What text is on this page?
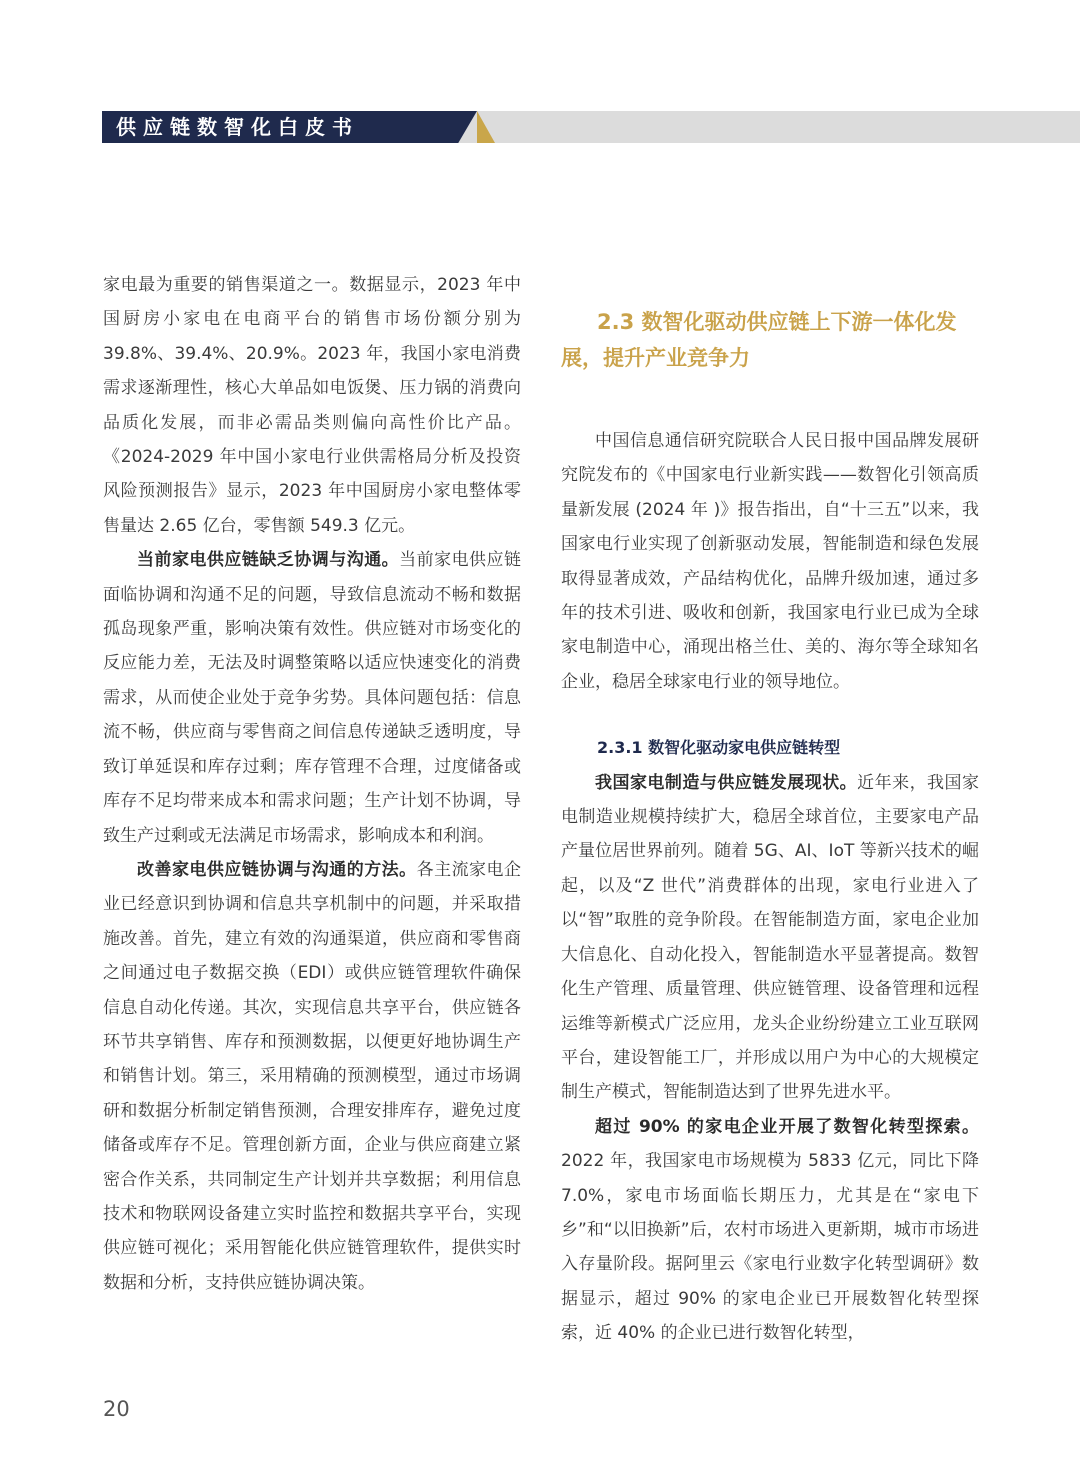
供应链数智化白皮书

家电最为重要的销售渠道之一。数据显示，2023 年中国厨房小家电在电商平台的销售市场份额分别为 39.8%、39.4%、20.9%。2023 年，我国小家电消费需求逐渐理性，核心大单品如电饭煲、压力锅的消费向品质化发展，而非必需品类则偏向高性价比产品。《2024-2029 年中国小家电行业供需格局分析及投资风险预测报告》显示，2023 年中国厨房小家电整体零售量达 2.65 亿台，零售额 549.3 亿元。

当前家电供应链缺乏协调与沟通。当前家电供应链面临协调和沟通不足的问题，导致信息流动不畅和数据孤岛现象严重，影响决策有效性。供应链对市场变化的反应能力差，无法及时调整策略以适应快速变化的消费需求，从而使企业处于竞争劣势。具体问题包括：信息流不畅，供应商与零售商之间信息传递缺乏透明度，导致订单延误和库存过剩；库存管理不合理，过度储备或库存不足均带来成本和需求问题；生产计划不协调，导致生产过剩或无法满足市场需求，影响成本和利润。

改善家电供应链协调与沟通的方法。各主流家电企业已经意识到协调和信息共享机制中的问题，并采取措施改善。首先，建立有效的沟通渠道，供应商和零售商之间通过电子数据交换（EDI）或供应链管理软件确保信息自动化传递。其次，实现信息共享平台，供应链各环节共享销售、库存和预测数据，以便更好地协调生产和销售计划。第三，采用精确的预测模型，通过市场调研和数据分析制定销售预测，合理安排库存，避免过度储备或库存不足。管理创新方面，企业与供应商建立紧密合作关系，共同制定生产计划并共享数据；利用信息技术和物联网设备建立实时监控和数据共享平台，实现供应链可视化；采用智能化供应链管理软件，提供实时数据和分析，支持供应链协调决策。

2.3 数智化驱动供应链上下游一体化发
展，提升产业竞争力

中国信息通信研究院联合人民日报中国品牌发展研究院发布的《中国家电行业新实践——数智化引领高质量新发展 (2024 年 )》报告指出，自“十三五”以来，我国家电行业实现了创新驱动发展，智能制造和绿色发展取得显著成效，产品结构优化，品牌升级加速，通过多年的技术引进、吸收和创新，我国家电行业已成为全球家电制造中心，涌现出格兰仕、美的、海尔等全球知名企业，稳居全球家电行业的领导地位。

2.3.1 数智化驱动家电供应链转型

我国家电制造与供应链发展现状。近年来，我国家电制造业规模持续扩大，稳居全球首位，主要家电产品产量位居世界前列。随着 5G、AI、IoT 等新兴技术的崛起，以及“Z 世代”消费群体的出现，家电行业进入了以“智”取胜的竞争阶段。在智能制造方面，家电企业加大信息化、自动化投入，智能制造水平显著提高。数智化生产管理、质量管理、供应链管理、设备管理和远程运维等新模式广泛应用，龙头企业纷纷建立工业互联网平台，建设智能工厂，并形成以用户为中心的大规模定制生产模式，智能制造达到了世界先进水平。

超过 90% 的家电企业开展了数智化转型探索。2022 年，我国家电市场规模为 5833 亿元，同比下降 7.0%，家电市场面临长期压力，尤其是在“家电下乡”和“以旧换新”后，农村市场进入更新期，城市市场进入存量阶段。据阿里云《家电行业数字化转型调研》数据显示，超过 90% 的家电企业已开展数智化转型探索，近 40% 的企业已进行数智化转型，

20
